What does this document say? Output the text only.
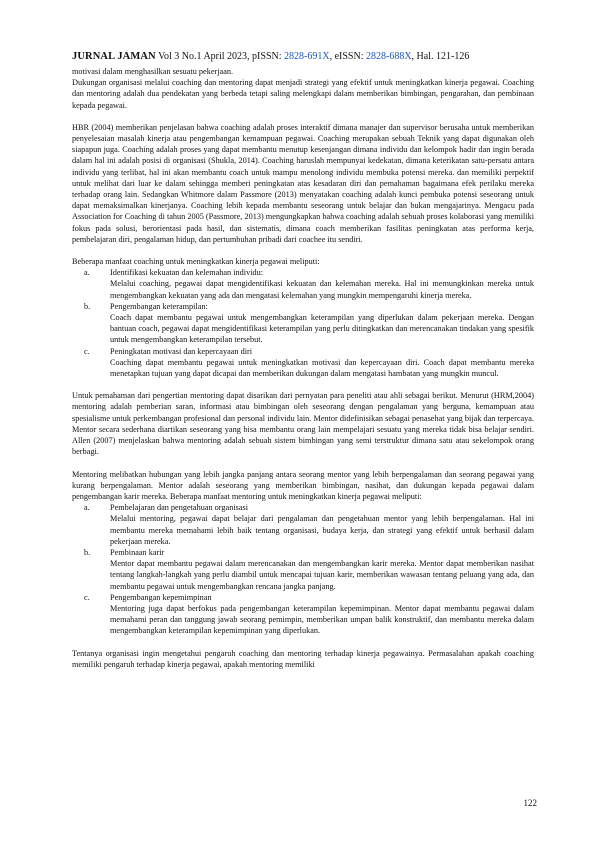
JURNAL JAMAN Vol 3 No.1 April 2023, pISSN: 2828-691X, eISSN: 2828-688X, Hal. 121-126

motivasi dalam menghasilkan sesuatu pekerjaan.

Dukungan organisasi melalui coaching dan mentoring dapat menjadi strategi yang efektif untuk meningkatkan kinerja pegawai. Coaching dan mentoring adalah dua pendekatan yang berbeda tetapi saling melengkapi dalam memberikan bimbingan, pengarahan, dan pembinaan kepada pegawai.

HBR (2004) memberikan penjelasan bahwa coaching adalah proses interaktif dimana manajer dan supervisor berusaha untuk memberikan penyelesaian masalah kinerja atau pengembangan kemampuan pegawai. Coaching merupakan sebuah Teknik yang dapat digunakan oleh siapapun juga. Coaching adalah proses yang dapat membantu menutup kesenjangan dimana individu dan kelompok hadir dan ingin berada dalam hal ini adalah posisi di organisasi (Shukla, 2014). Coaching haruslah mempunyai kedekatan, dimana keterikatan satu-persatu antara individu yang terlibat, hal ini akan membantu coach untuk mampu menolong individu membuka potensi mereka. dan memiliki perpektif untuk melihat dari luar ke dalam sehingga memberi peningkatan atas kesadaran diri dan pemahaman bagaimana efek perilaku mereka terhadap orang lain. Sedangkan Whitmore dalam Passmore (2013) menyatakan coaching adalah kunci pembuka potensi seseorang untuk dapat memaksimalkan kinerjanya. Coaching lebih kepada membantu seseorang untuk belajar dan bukan mengajarinya. Mengacu pada Association for Coaching di tahun 2005 (Passmore, 2013) mengungkapkan bahwa coaching adalah sebuah proses kolaborasi yang memiliki fokus pada solusi, berorientasi pada hasil, dan sistematis, dimana coach memberikan fasilitas peningkatan atas performa kerja, pembelajaran diri, pengalaman hidup, dan pertumbuhan pribadi dari coachee itu sendiri.

Beberapa manfaat coaching untuk meningkatkan kinerja pegawai meliputi:

a.	Identifikasi kekuatan dan kelemahan individu:

Melalui coaching, pegawai dapat mengidentifikasi kekuatan dan kelemahan mereka. Hal ini memungkinkan mereka untuk mengembangkan kekuatan yang ada dan mengatasi kelemahan yang mungkin mempengaruhi kinerja mereka.

b.	Pengembangan keterampilan:

Coach dapat membantu pegawai untuk mengembangkan keterampilan yang diperlukan dalam pekerjaan mereka. Dengan bantuan coach, pegawai dapat mengidentifikasi keterampilan yang perlu ditingkatkan dan merencanakan tindakan yang spesifik untuk mengembangkan keterampilan tersebut.

c.	Peningkatan motivasi dan kepercayaan diri

Coaching dapat membantu pegawai untuk meningkatkan motivasi dan kepercayaan diri. Coach dapat membantu mereka menetapkan tujuan yang dapat dicapai dan memberikan dukungan dalam mengatasi hambatan yang mungkin muncul.

Untuk pemahaman dari pengertian mentoring dapat disarikan dari pernyatan para peneliti atau ahli sebagai berikut. Menurut (HRM,2004) mentoring adalah pemberian saran, informasi atau bimbingan oleh seseorang dengan pengalaman yang berguna, kemampuan atau spesialisme untuk perkembangan profesional dan personal individu lain. Mentor didefinisikan sebagai penasehat yang bijak dan terpercaya. Mentor secara sederhana diartikan seseorang yang bisa membantu orang lain mempelajari sesuatu yang mereka tidak bisa belajar sendiri. Allen (2007) menjelaskan bahwa mentoring adalah sebuah sistem bimbingan yang semi terstruktur dimana satu atau sekelompok orang berbagi.

Mentoring melibatkan hubungan yang lebih jangka panjang antara seorang mentor yang lebih berpengalaman dan seorang pegawai yang kurang berpengalaman. Mentor adalah seseorang yang memberikan bimbingan, nasihat, dan dukungan kepada pegawai dalam pengembangan karir mereka. Beberapa manfaat mentoring untuk meningkatkan kinerja pegawai meliputi:

a.	Pembelajaran dan pengetahuan organisasi

Melalui mentoring, pegawai dapat belajar dari pengalaman dan pengetahuan mentor yang lebih berpengalaman. Hal ini membantu mereka memahami lebih baik tentang organisasi, budaya kerja, dan strategi yang efektif untuk berhasil dalam pekerjaan mereka.

b.	Pembinaan karir

Mentor dapat membantu pegawai dalam merencanakan dan mengembangkan karir mereka. Mentor dapat memberikan nasihat tentang langkah-langkah yang perlu diambil untuk mencapai tujuan karir, memberikan wawasan tentang peluang yang ada, dan membantu pegawai untuk mengembangkan rencana jangka panjang.

c.	Pengembangan kepemimpinan

Mentoring juga dapat berfokus pada pengembangan keterampilan kepemimpinan. Mentor dapat membantu pegawai dalam memahami peran dan tanggung jawab seorang pemimpin, memberikan umpan balik konstruktif, dan membantu mereka dalam mengembangkan keterampilan kepemimpinan yang diperlukan.

Tentanya organisasi ingin mengetahui pengaruh coaching dan mentoring terhadap kinerja pegawainya. Permasalahan apakah coaching memiliki pengaruh terhadap kinerja pegawai, apakah mentoring memiliki

122
